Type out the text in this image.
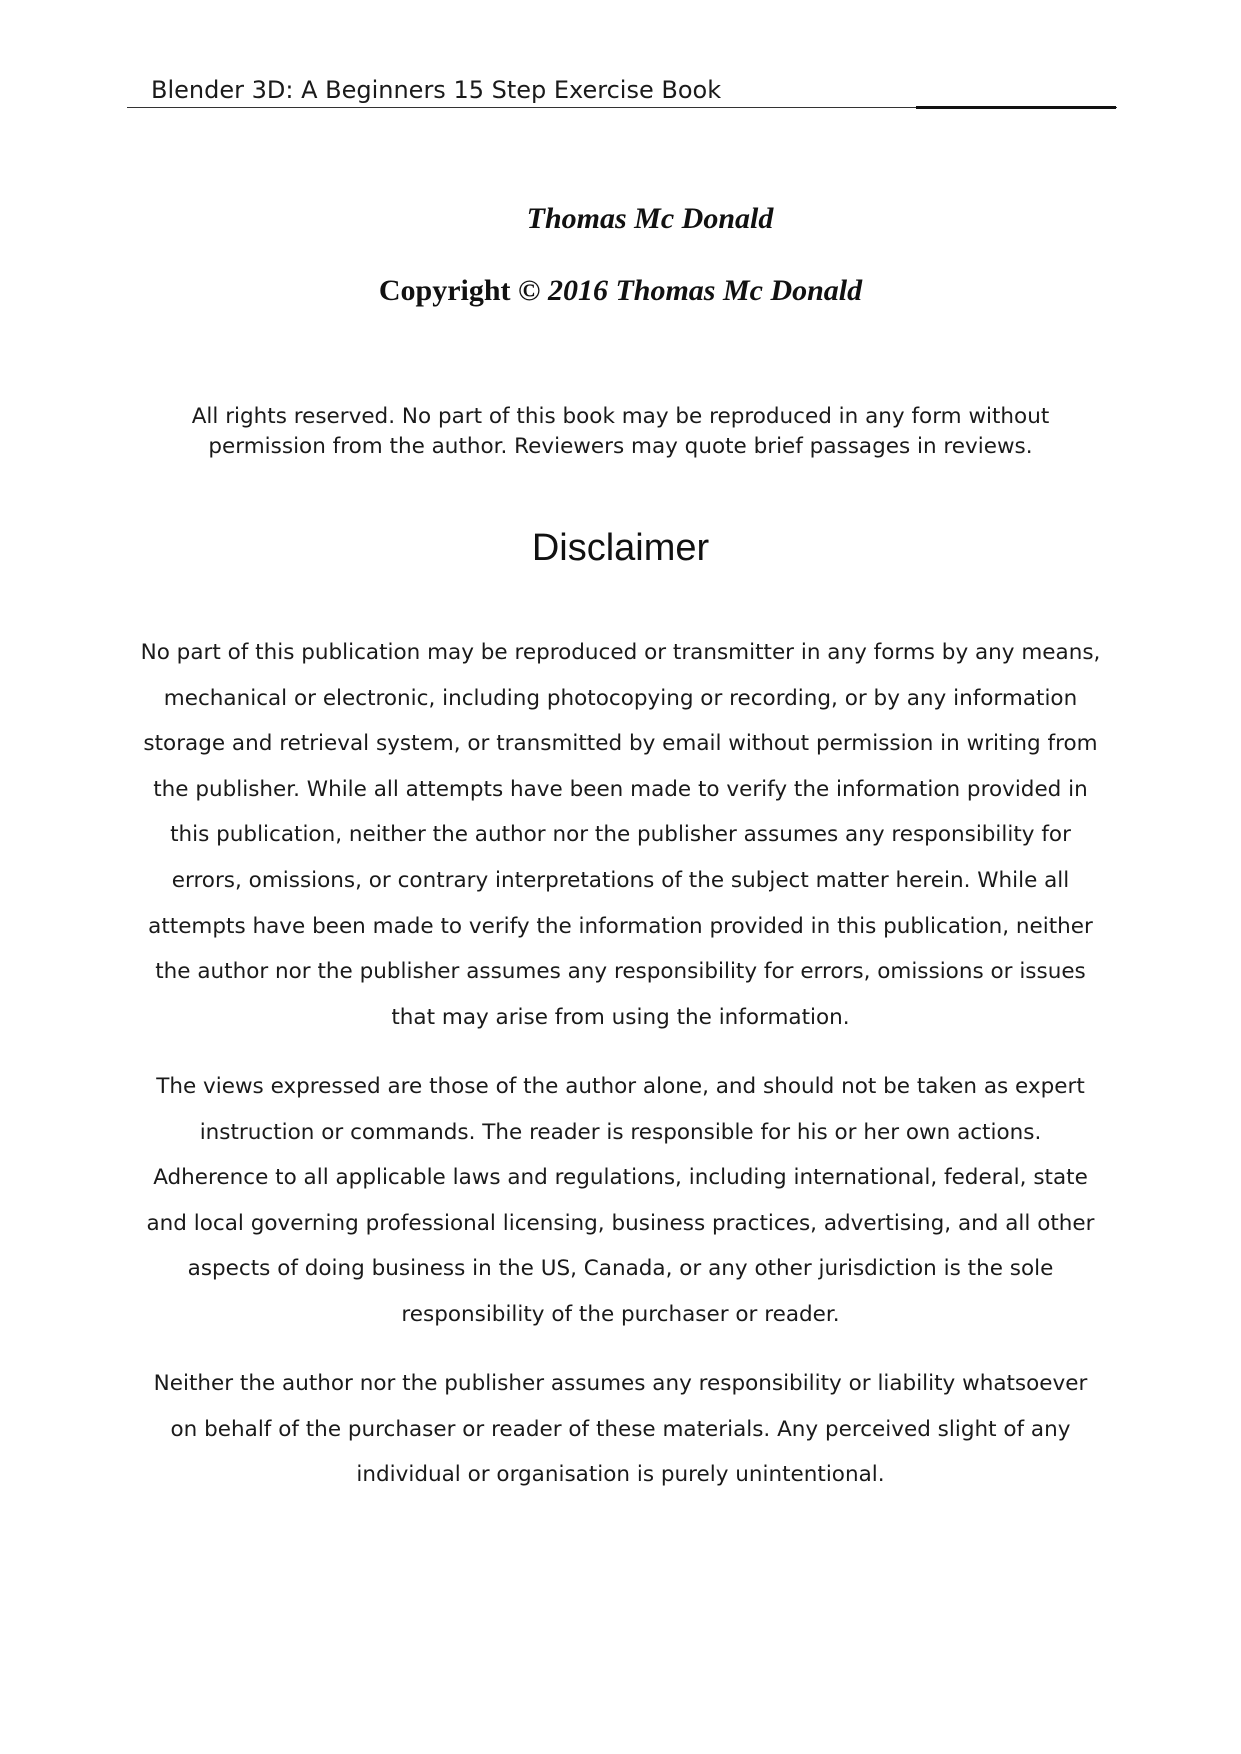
Blender 3D: A Beginners 15 Step Exercise Book
Thomas Mc Donald
Copyright © 2016 Thomas Mc Donald
All rights reserved. No part of this book may be reproduced in any form without permission from the author. Reviewers may quote brief passages in reviews.
Disclaimer

No part of this publication may be reproduced or transmitter in any forms by any means, mechanical or electronic, including photocopying or recording, or by any information storage and retrieval system, or transmitted by email without permission in writing from the publisher. While all attempts have been made to verify the information provided in this publication, neither the author nor the publisher assumes any responsibility for errors, omissions, or contrary interpretations of the subject matter herein. While all attempts have been made to verify the information provided in this publication, neither the author nor the publisher assumes any responsibility for errors, omissions or issues that may arise from using the information.

The views expressed are those of the author alone, and should not be taken as expert instruction or commands. The reader is responsible for his or her own actions. Adherence to all applicable laws and regulations, including international, federal, state and local governing professional licensing, business practices, advertising, and all other aspects of doing business in the US, Canada, or any other jurisdiction is the sole responsibility of the purchaser or reader.

Neither the author nor the publisher assumes any responsibility or liability whatsoever on behalf of the purchaser or reader of these materials. Any perceived slight of any individual or organisation is purely unintentional.
